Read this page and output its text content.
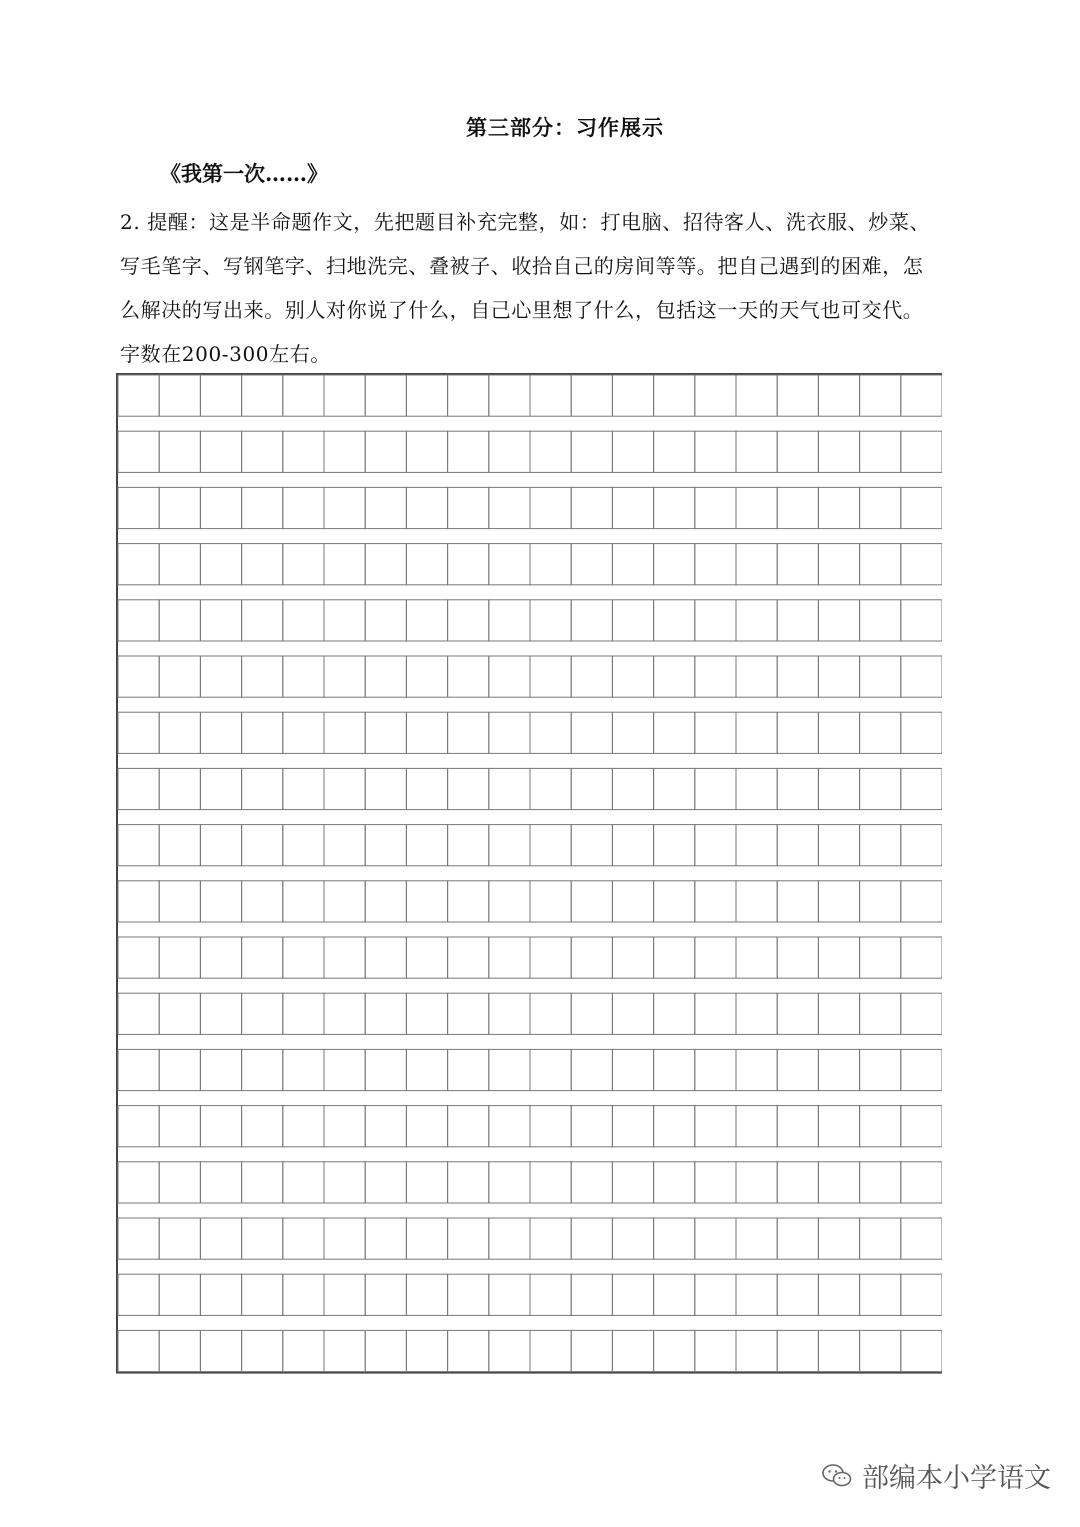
第三部分：习作展示
《我第一次……》
2. 提醒：这是半命题作文，先把题目补充完整，如：打电脑、招待客人、洗衣服、炒菜、
写毛笔字、写钢笔字、扫地洗完、叠被子、收拾自己的房间等等。把自己遇到的困难，怎
么解决的写出来。别人对你说了什么，自己心里想了什么，包括这一天的天气也可交代。
字数在200-300左右。
部编本小学语文
